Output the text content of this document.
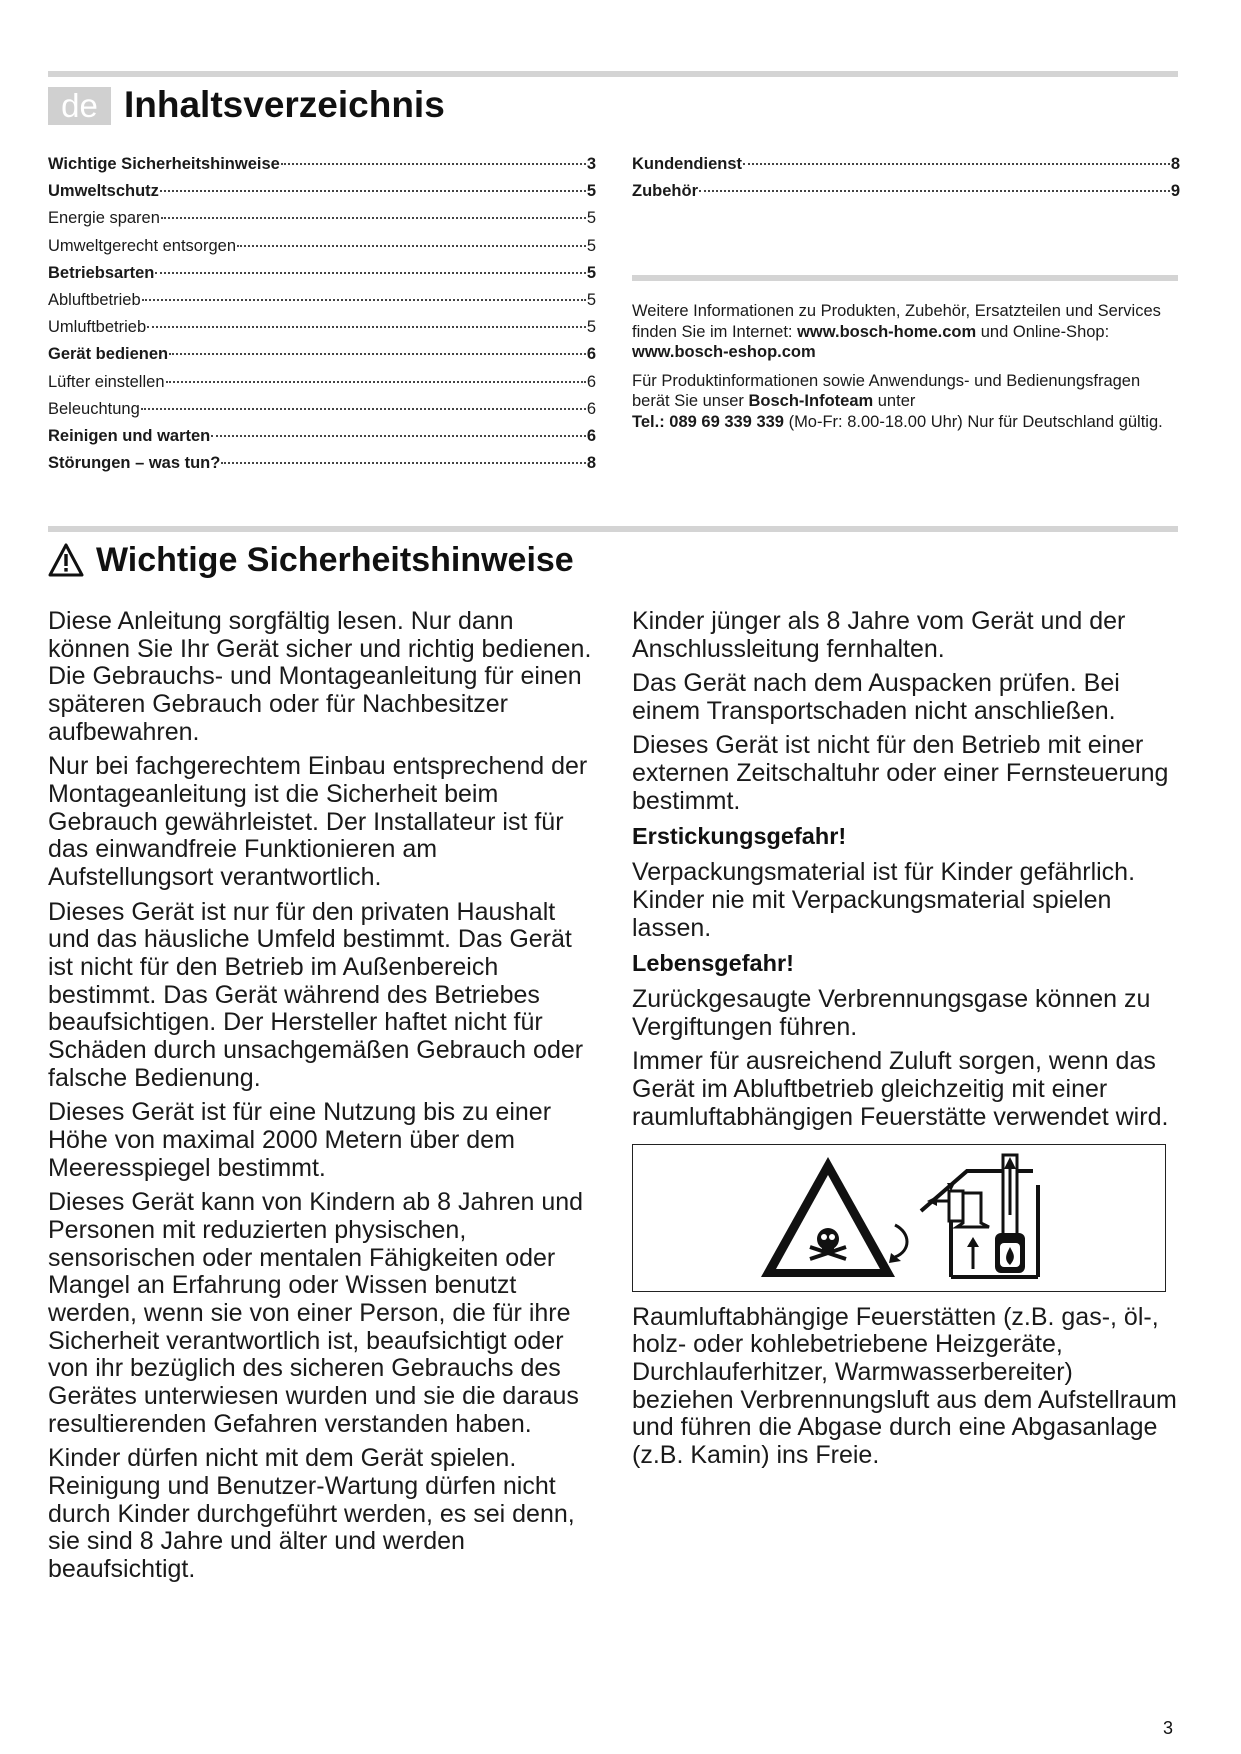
de Inhaltsverzeichnis
Wichtige Sicherheitshinweise	3
Umweltschutz	5
Energie sparen	5
Umweltgerecht entsorgen	5
Betriebsarten	5
Abluftbetrieb	5
Umluftbetrieb	5
Gerät bedienen	6
Lüfter einstellen	6
Beleuchtung	6
Reinigen und warten	6
Störungen – was tun?	8
Kundendienst	8
Zubehör	9

Weitere Informationen zu Produkten, Zubehör, Ersatzteilen und Services finden Sie im Internet: www.bosch-home.com und Online-Shop: www.bosch-eshop.com

Für Produktinformationen sowie Anwendungs- und Bedienungsfragen berät Sie unser Bosch-Infoteam unter
Tel.: 089 69 339 339 (Mo-Fr: 8.00-18.00 Uhr) Nur für Deutschland gültig.

Wichtige Sicherheitshinweise

Diese Anleitung sorgfältig lesen. Nur dann können Sie Ihr Gerät sicher und richtig bedienen. Die Gebrauchs- und Montageanleitung für einen späteren Gebrauch oder für Nachbesitzer aufbewahren.

Nur bei fachgerechtem Einbau entsprechend der Montageanleitung ist die Sicherheit beim Gebrauch gewährleistet. Der Installateur ist für das einwandfreie Funktionieren am Aufstellungsort verantwortlich.

Dieses Gerät ist nur für den privaten Haushalt und das häusliche Umfeld bestimmt. Das Gerät ist nicht für den Betrieb im Außenbereich bestimmt. Das Gerät während des Betriebes beaufsichtigen. Der Hersteller haftet nicht für Schäden durch unsachgemäßen Gebrauch oder falsche Bedienung.

Dieses Gerät ist für eine Nutzung bis zu einer Höhe von maximal 2000 Metern über dem Meeresspiegel bestimmt.

Dieses Gerät kann von Kindern ab 8 Jahren und Personen mit reduzierten physischen, sensorischen oder mentalen Fähigkeiten oder Mangel an Erfahrung oder Wissen benutzt werden, wenn sie von einer Person, die für ihre Sicherheit verantwortlich ist, beaufsichtigt oder von ihr bezüglich des sicheren Gebrauchs des Gerätes unterwiesen wurden und sie die daraus resultierenden Gefahren verstanden haben.

Kinder dürfen nicht mit dem Gerät spielen. Reinigung und Benutzer-Wartung dürfen nicht durch Kinder durchgeführt werden, es sei denn, sie sind 8 Jahre und älter und werden beaufsichtigt.

Kinder jünger als 8 Jahre vom Gerät und der Anschlussleitung fernhalten.

Das Gerät nach dem Auspacken prüfen. Bei einem Transportschaden nicht anschließen.

Dieses Gerät ist nicht für den Betrieb mit einer externen Zeitschaltuhr oder einer Fernsteuerung bestimmt.

Erstickungsgefahr!

Verpackungsmaterial ist für Kinder gefährlich. Kinder nie mit Verpackungsmaterial spielen lassen.

Lebensgefahr!

Zurückgesaugte Verbrennungsgase können zu Vergiftungen führen.

Immer für ausreichend Zuluft sorgen, wenn das Gerät im Abluftbetrieb gleichzeitig mit einer raumluftabhängigen Feuerstätte verwendet wird.

Raumluftabhängige Feuerstätten (z.B. gas-, öl-, holz- oder kohlebetriebene Heizgeräte, Durchlauferhitzer, Warmwasserbereiter) beziehen Verbrennungsluft aus dem Aufstellraum und führen die Abgase durch eine Abgasanlage (z.B. Kamin) ins Freie.

3
